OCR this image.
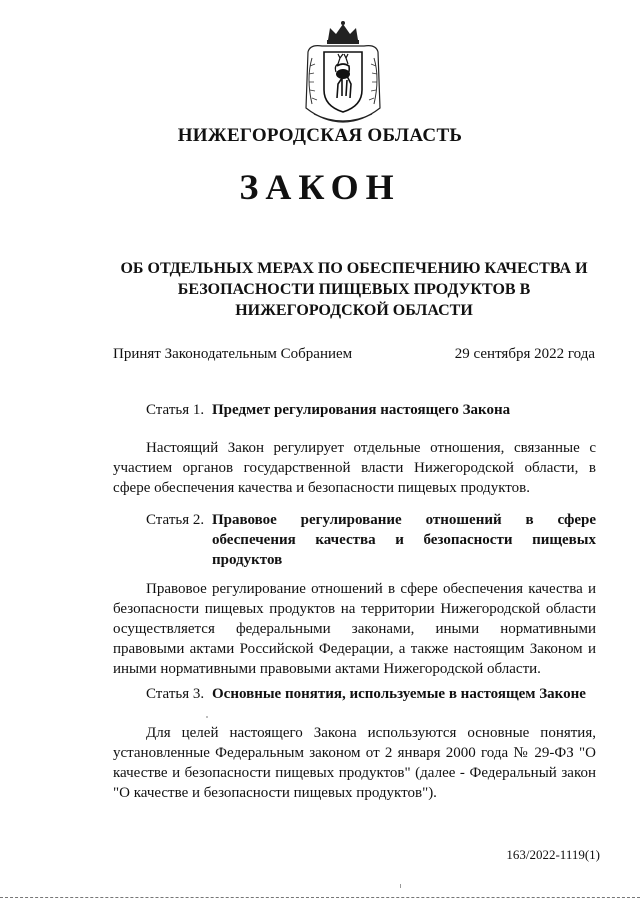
НИЖЕГОРОДСКАЯ ОБЛАСТЬ
ЗАКОН
ОБ ОТДЕЛЬНЫХ МЕРАХ ПО ОБЕСПЕЧЕНИЮ КАЧЕСТВА И БЕЗОПАСНОСТИ ПИЩЕВЫХ ПРОДУКТОВ В НИЖЕГОРОДСКОЙ ОБЛАСТИ
Принят Законодательным Собранием	29 сентября 2022 года
Статья 1. Предмет регулирования настоящего Закона
Настоящий Закон регулирует отдельные отношения, связанные с участием органов государственной власти Нижегородской области, в сфере обеспечения качества и безопасности пищевых продуктов.
Статья 2. Правовое регулирование отношений в сфере обеспечения качества и безопасности пищевых продуктов
Правовое регулирование отношений в сфере обеспечения качества и безопасности пищевых продуктов на территории Нижегородской области осуществляется федеральными законами, иными нормативными правовыми актами Российской Федерации, а также настоящим Законом и иными нормативными правовыми актами Нижегородской области.
Статья 3. Основные понятия, используемые в настоящем Законе
Для целей настоящего Закона используются основные понятия, установленные Федеральным законом от 2 января 2000 года № 29-ФЗ "О качестве и безопасности пищевых продуктов" (далее - Федеральный закон "О качестве и безопасности пищевых продуктов").
163/2022-1119(1)
